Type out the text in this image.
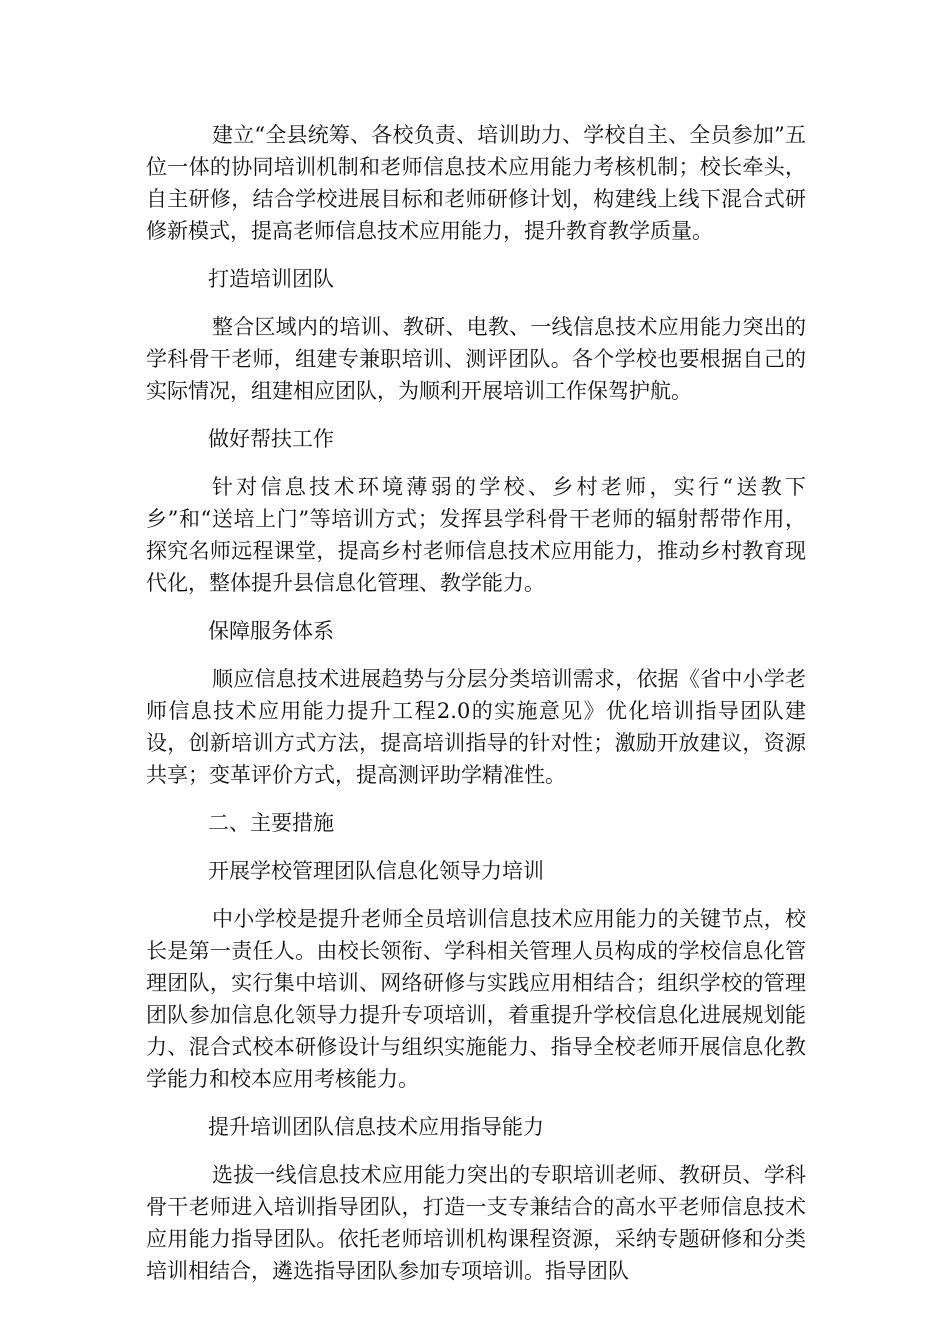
建立“全县统筹、各校负责、培训助力、学校自主、全员参加”五位一体的协同培训机制和老师信息技术应用能力考核机制；校长牵头，自主研修，结合学校进展目标和老师研修计划，构建线上线下混合式研修新模式，提高老师信息技术应用能力，提升教育教学质量。

打造培训团队

整合区域内的培训、教研、电教、一线信息技术应用能力突出的学科骨干老师，组建专兼职培训、测评团队。各个学校也要根据自己的实际情况，组建相应团队，为顺利开展培训工作保驾护航。

做好帮扶工作

针对信息技术环境薄弱的学校、乡村老师，实行“送教下乡”和“送培上门”等培训方式；发挥县学科骨干老师的辐射帮带作用，探究名师远程课堂，提高乡村老师信息技术应用能力，推动乡村教育现代化，整体提升县信息化管理、教学能力。

保障服务体系

顺应信息技术进展趋势与分层分类培训需求，依据《省中小学老师信息技术应用能力提升工程2.0的实施意见》优化培训指导团队建设，创新培训方式方法，提高培训指导的针对性；激励开放建议，资源共享；变革评价方式，提高测评助学精准性。

二、主要措施

开展学校管理团队信息化领导力培训

中小学校是提升老师全员培训信息技术应用能力的关键节点，校长是第一责任人。由校长领衔、学科相关管理人员构成的学校信息化管理团队，实行集中培训、网络研修与实践应用相结合；组织学校的管理团队参加信息化领导力提升专项培训，着重提升学校信息化进展规划能力、混合式校本研修设计与组织实施能力、指导全校老师开展信息化教学能力和校本应用考核能力。

提升培训团队信息技术应用指导能力

选拔一线信息技术应用能力突出的专职培训老师、教研员、学科骨干老师进入培训指导团队，打造一支专兼结合的高水平老师信息技术应用能力指导团队。依托老师培训机构课程资源，采纳专题研修和分类培训相结合，遴选指导团队参加专项培训。指导团队
